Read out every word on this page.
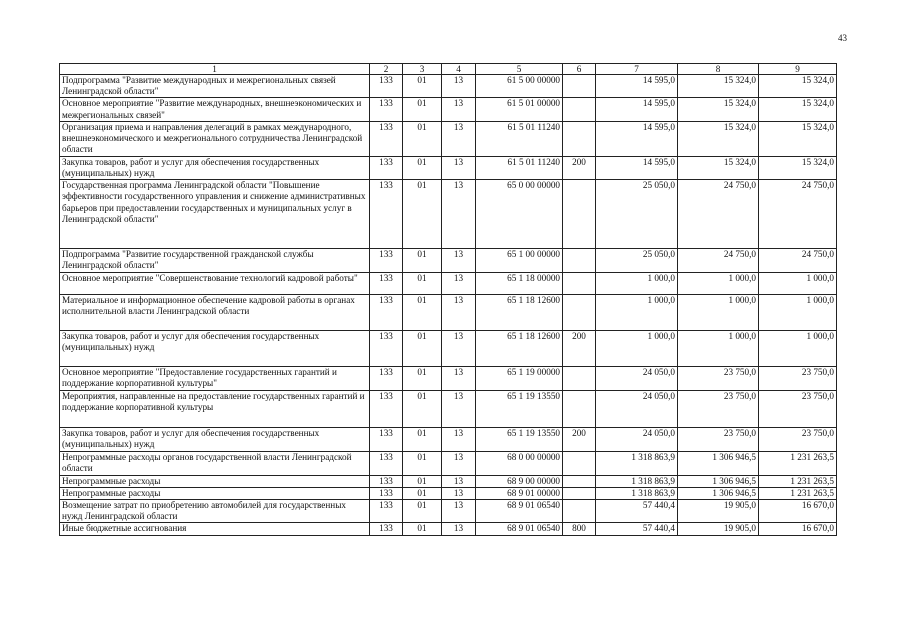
43
1	2	3	4	5	6	7	8	9
Подпрограмма "Развитие международных и межрегиональных связей Ленинградской области"	133	01	13	61 5 00 00000		14 595,0	15 324,0	15 324,0
Основное мероприятие "Развитие международных, внешнеэкономических и межрегиональных связей"	133	01	13	61 5 01 00000		14 595,0	15 324,0	15 324,0
Организация приема и направления делегаций в рамках международного, внешнеэкономического и межрегионального сотрудничества Ленинградской области	133	01	13	61 5 01 11240		14 595,0	15 324,0	15 324,0
Закупка товаров, работ и услуг для обеспечения государственных (муниципальных) нужд	133	01	13	61 5 01 11240	200	14 595,0	15 324,0	15 324,0
Государственная программа Ленинградской области "Повышение эффективности государственного управления и снижение административных барьеров при предоставлении государственных и муниципальных услуг в Ленинградской области"	133	01	13	65 0 00 00000		25 050,0	24 750,0	24 750,0
Подпрограмма "Развитие государственной гражданской службы Ленинградской области"	133	01	13	65 1 00 00000		25 050,0	24 750,0	24 750,0
Основное мероприятие "Совершенствование технологий кадровой работы"	133	01	13	65 1 18 00000		1 000,0	1 000,0	1 000,0
Материальное и информационное обеспечение кадровой работы в органах исполнительной власти Ленинградской области	133	01	13	65 1 18 12600		1 000,0	1 000,0	1 000,0
Закупка товаров, работ и услуг для обеспечения государственных (муниципальных) нужд	133	01	13	65 1 18 12600	200	1 000,0	1 000,0	1 000,0
Основное мероприятие "Предоставление государственных гарантий и поддержание корпоративной культуры"	133	01	13	65 1 19 00000		24 050,0	23 750,0	23 750,0
Мероприятия, направленные на предоставление государственных гарантий и поддержание корпоративной культуры	133	01	13	65 1 19 13550		24 050,0	23 750,0	23 750,0
Закупка товаров, работ и услуг для обеспечения государственных (муниципальных) нужд	133	01	13	65 1 19 13550	200	24 050,0	23 750,0	23 750,0
Непрограммные расходы органов государственной власти Ленинградской области	133	01	13	68 0 00 00000		1 318 863,9	1 306 946,5	1 231 263,5
Непрограммные расходы	133	01	13	68 9 00 00000		1 318 863,9	1 306 946,5	1 231 263,5
Непрограммные расходы	133	01	13	68 9 01 00000		1 318 863,9	1 306 946,5	1 231 263,5
Возмещение затрат по приобретению автомобилей для государственных нужд Ленинградской области	133	01	13	68 9 01 06540		57 440,4	19 905,0	16 670,0
Иные бюджетные ассигнования	133	01	13	68 9 01 06540	800	57 440,4	19 905,0	16 670,0
